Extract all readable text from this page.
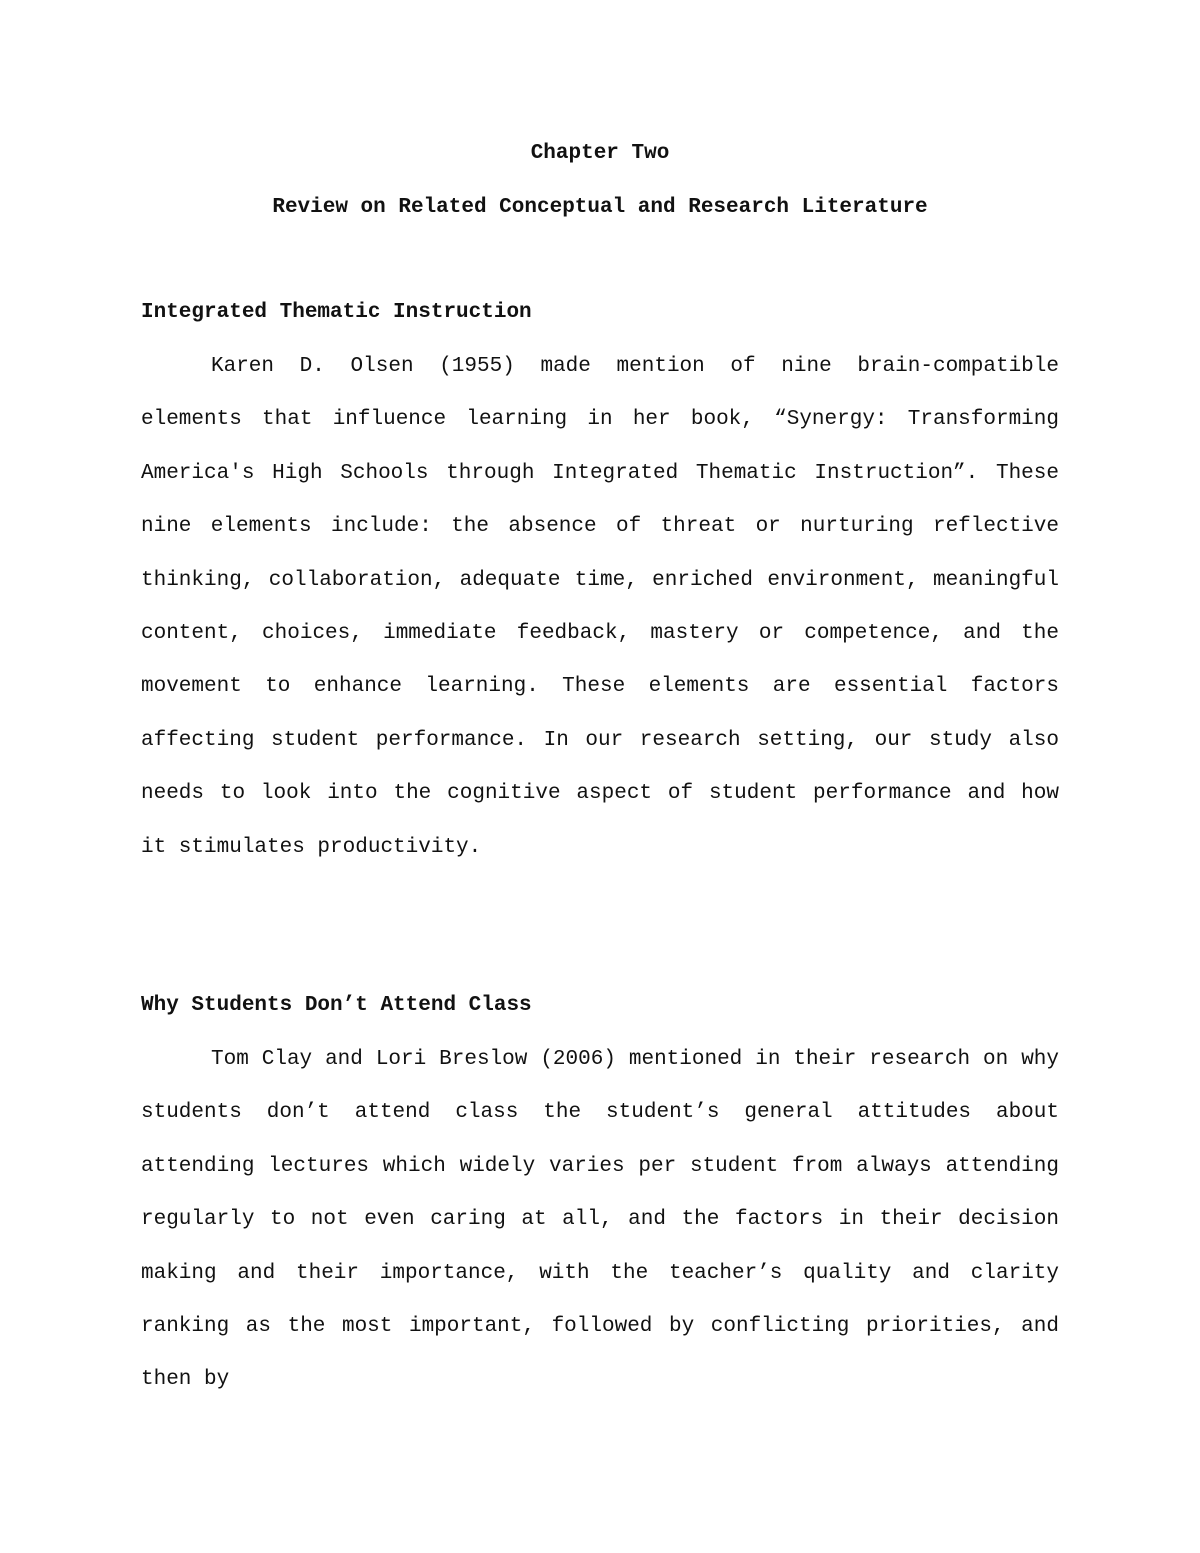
Chapter Two
Review on Related Conceptual and Research Literature
Integrated Thematic Instruction

Karen D. Olsen (1955) made mention of nine brain-compatible elements that influence learning in her book, “Synergy: Transforming America's High Schools through Integrated Thematic Instruction”. These nine elements include: the absence of threat or nurturing reflective thinking, collaboration, adequate time, enriched environment, meaningful content, choices, immediate feedback, mastery or competence, and the movement to enhance learning. These elements are essential factors affecting student performance. In our research setting, our study also needs to look into the cognitive aspect of student performance and how it stimulates productivity.

Why Students Don’t Attend Class

Tom Clay and Lori Breslow (2006) mentioned in their research on why students don’t attend class the student’s general attitudes about attending lectures which widely varies per student from always attending regularly to not even caring at all, and the factors in their decision making and their importance, with the teacher’s quality and clarity ranking as the most important, followed by conflicting priorities, and then by
